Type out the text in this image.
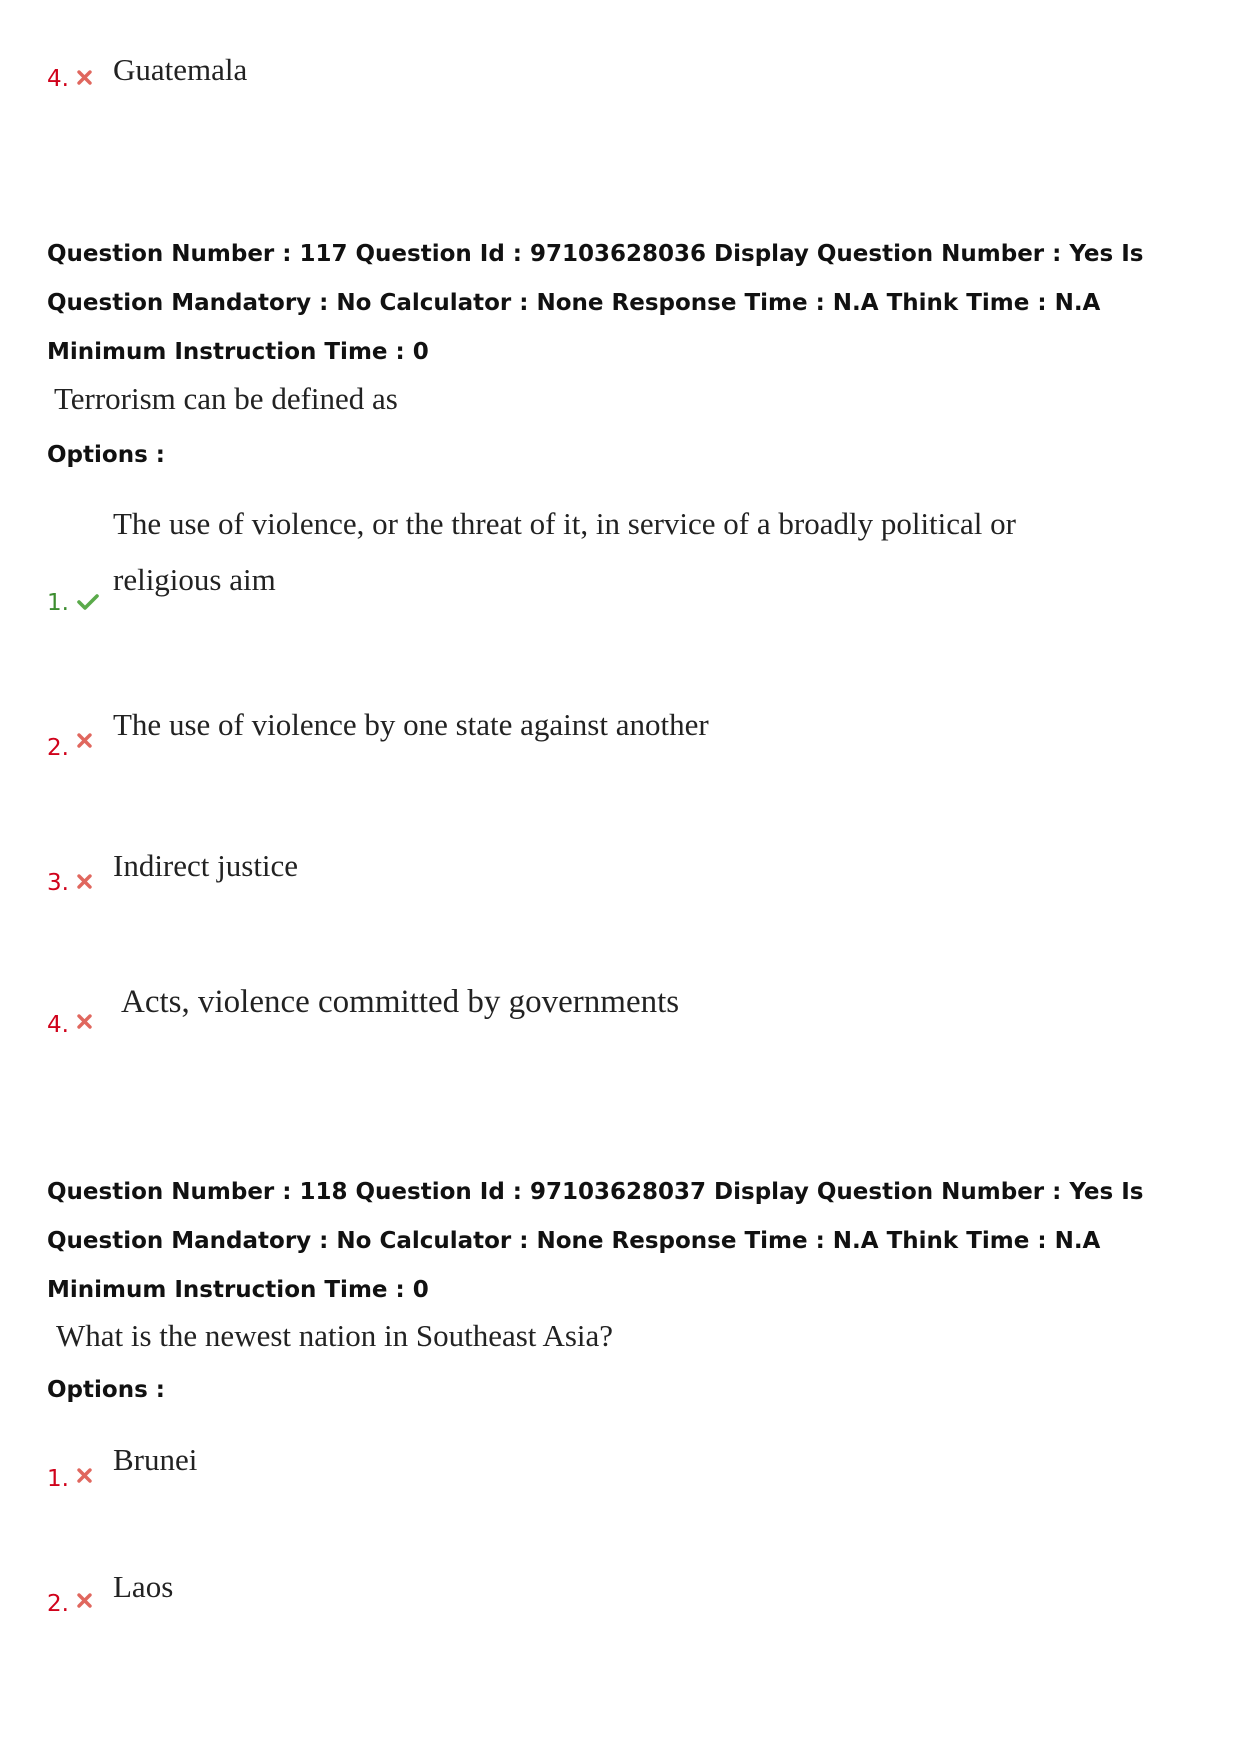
4. Guatemala
Question Number : 117 Question Id : 97103628036 Display Question Number : Yes Is Question Mandatory : No Calculator : None Response Time : N.A Think Time : N.A Minimum Instruction Time : 0
Terrorism can be defined as
Options :
1.
The use of violence, or the threat of it, in service of a broadly political or
religious aim
2.
The use of violence by one state against another
3. Indirect justice
4.
Acts, violence committed by governments
Question Number : 118 Question Id : 97103628037 Display Question Number : Yes Is Question Mandatory : No Calculator : None Response Time : N.A Think Time : N.A Minimum Instruction Time : 0
What is the newest nation in Southeast Asia?
Options :
1.
Brunei
2. Laos
